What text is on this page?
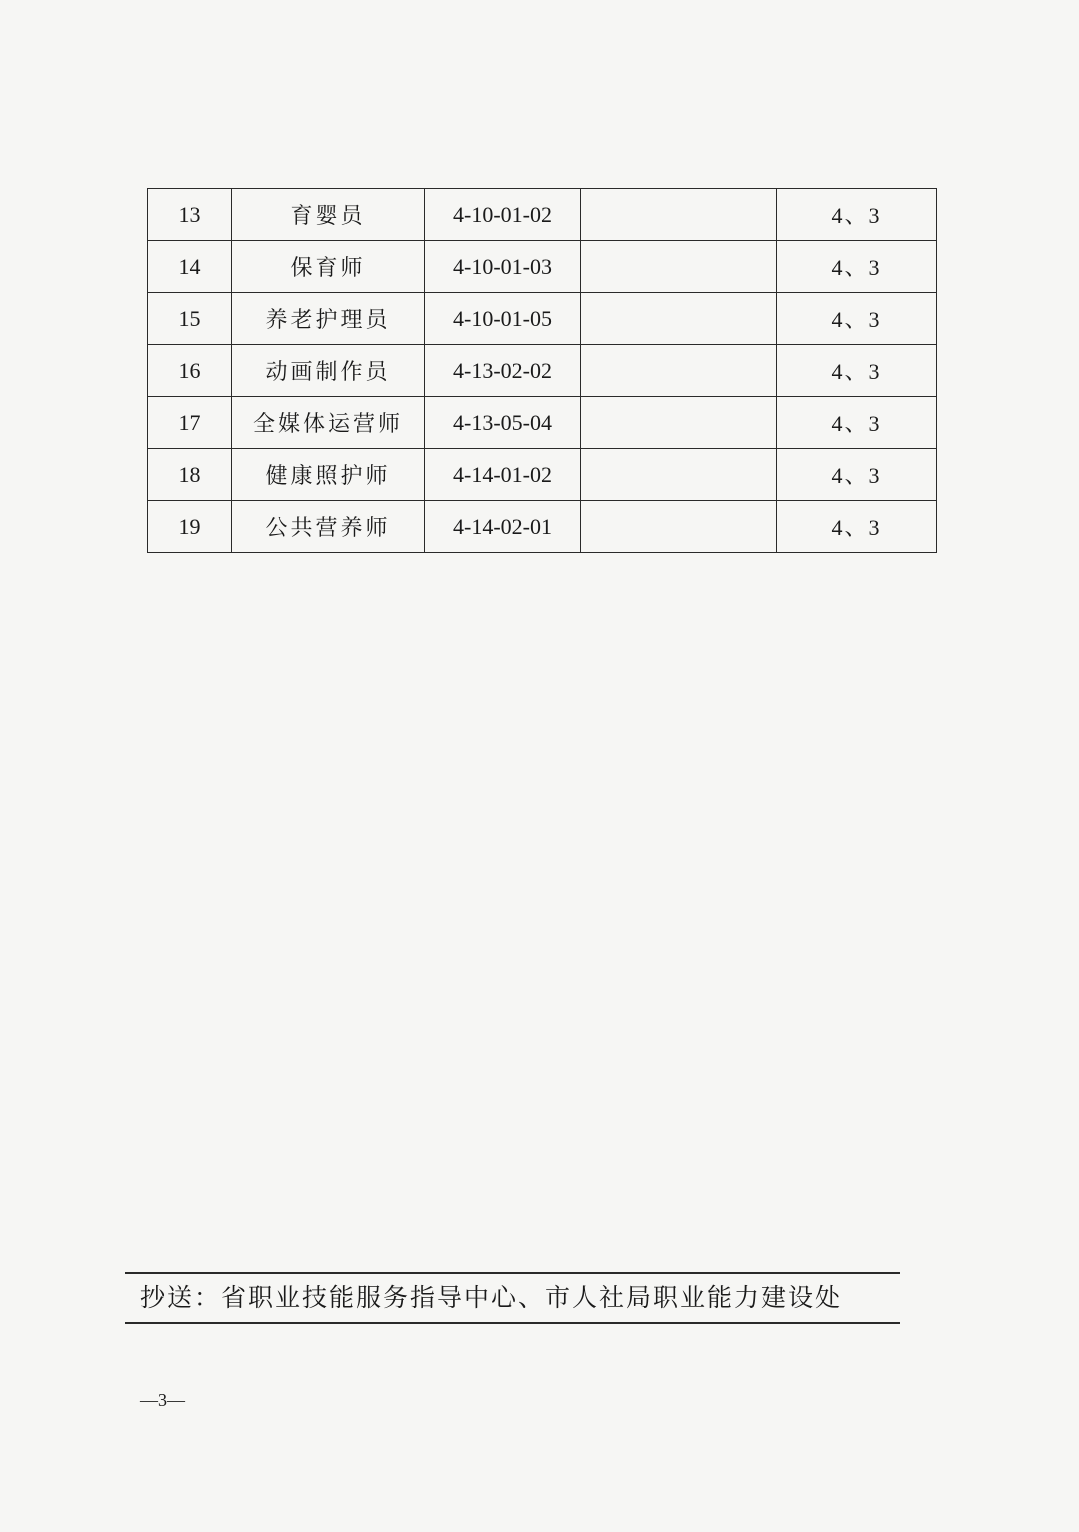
13	育婴员	4-10-01-02		4、3
14	保育师	4-10-01-03		4、3
15	养老护理员	4-10-01-05		4、3
16	动画制作员	4-13-02-02		4、3
17	全媒体运营师	4-13-05-04		4、3
18	健康照护师	4-14-01-02		4、3
19	公共营养师	4-14-02-01		4、3
抄送：省职业技能服务指导中心、市人社局职业能力建设处
—3—
